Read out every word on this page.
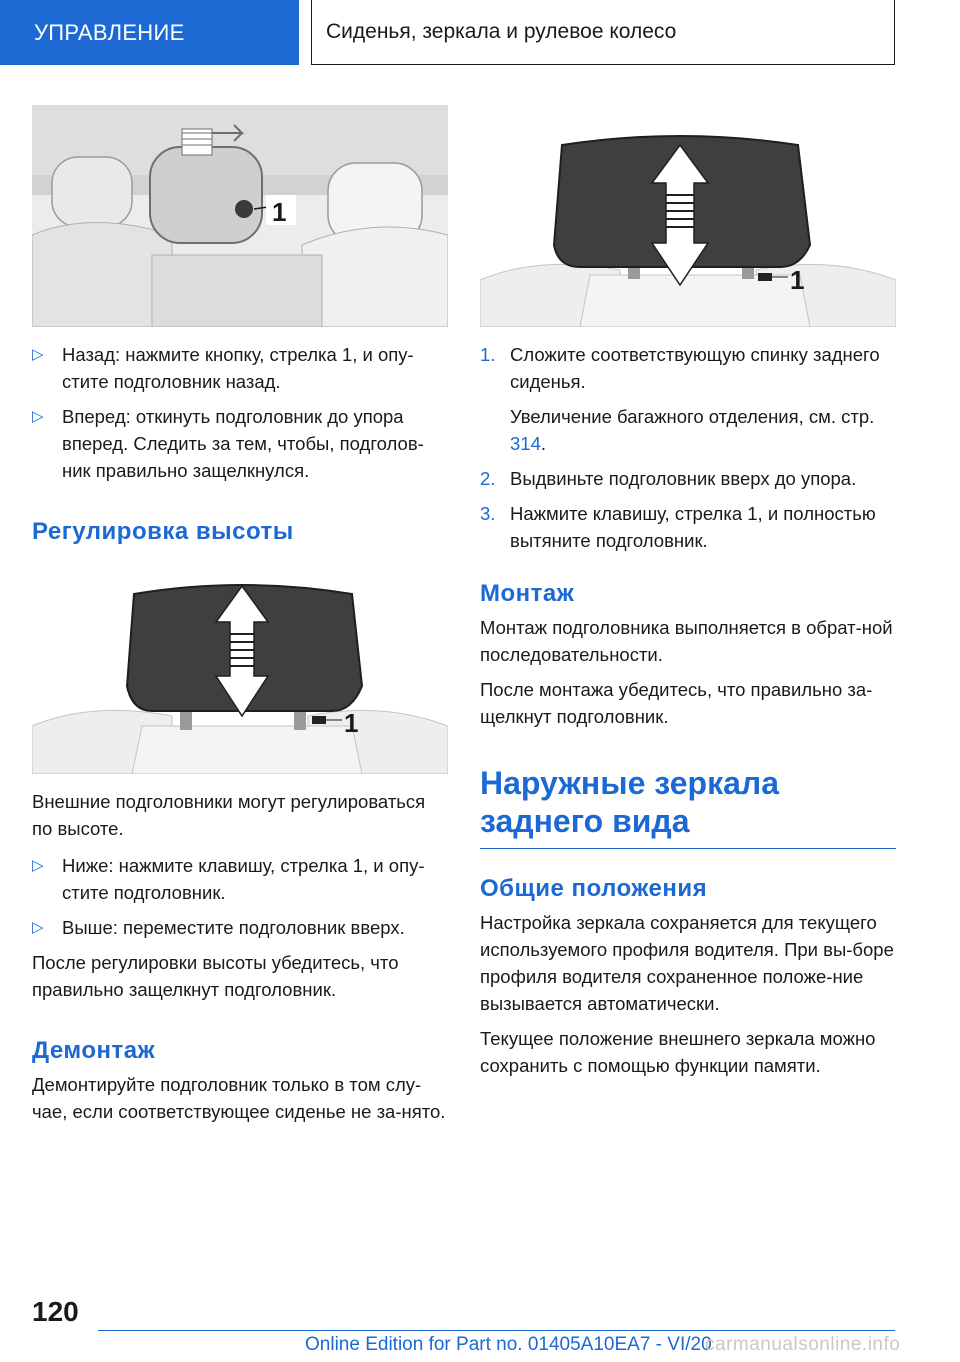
УПРАВЛЕНИЕ	Сиденья, зеркала и рулевое колесо
1
▷ Назад: нажмите кнопку, стрелка 1, и опу-стите подголовник назад.
▷ Вперед: откинуть подголовник до упора вперед. Следить за тем, чтобы, подголов-ник правильно защелкнулся.
Регулировка высоты
1

Внешние подголовники могут регулироваться по высоте.

▷ Ниже: нажмите клавишу, стрелка 1, и опу-стите подголовник.
▷ Выше: переместите подголовник вверх.

После регулировки высоты убедитесь, что правильно защелкнут подголовник.

Демонтаж

Демонтируйте подголовник только в том слу-чае, если соответствующее сиденье не за-нято.

1
1. Сложите соответствующую спинку заднего сиденья.
Увеличение багажного отделения, см. стр. 314.
2. Выдвиньте подголовник вверх до упора.
3. Нажмите клавишу, стрелка 1, и полностью вытяните подголовник.
Монтаж

Монтаж подголовника выполняется в обрат-ной последовательности.

После монтажа убедитесь, что правильно за-щелкнут подголовник.

Наружные зеркала
заднего вида
Общие положения

Настройка зеркала сохраняется для текущего используемого профиля водителя. При вы-боре профиля водителя сохраненное положе-ние вызывается автоматически.

Текущее положение внешнего зеркала можно сохранить с помощью функции памяти.

120
Online Edition for Part no. 01405A10EA7 - VI/20
carmanualsonline.info
